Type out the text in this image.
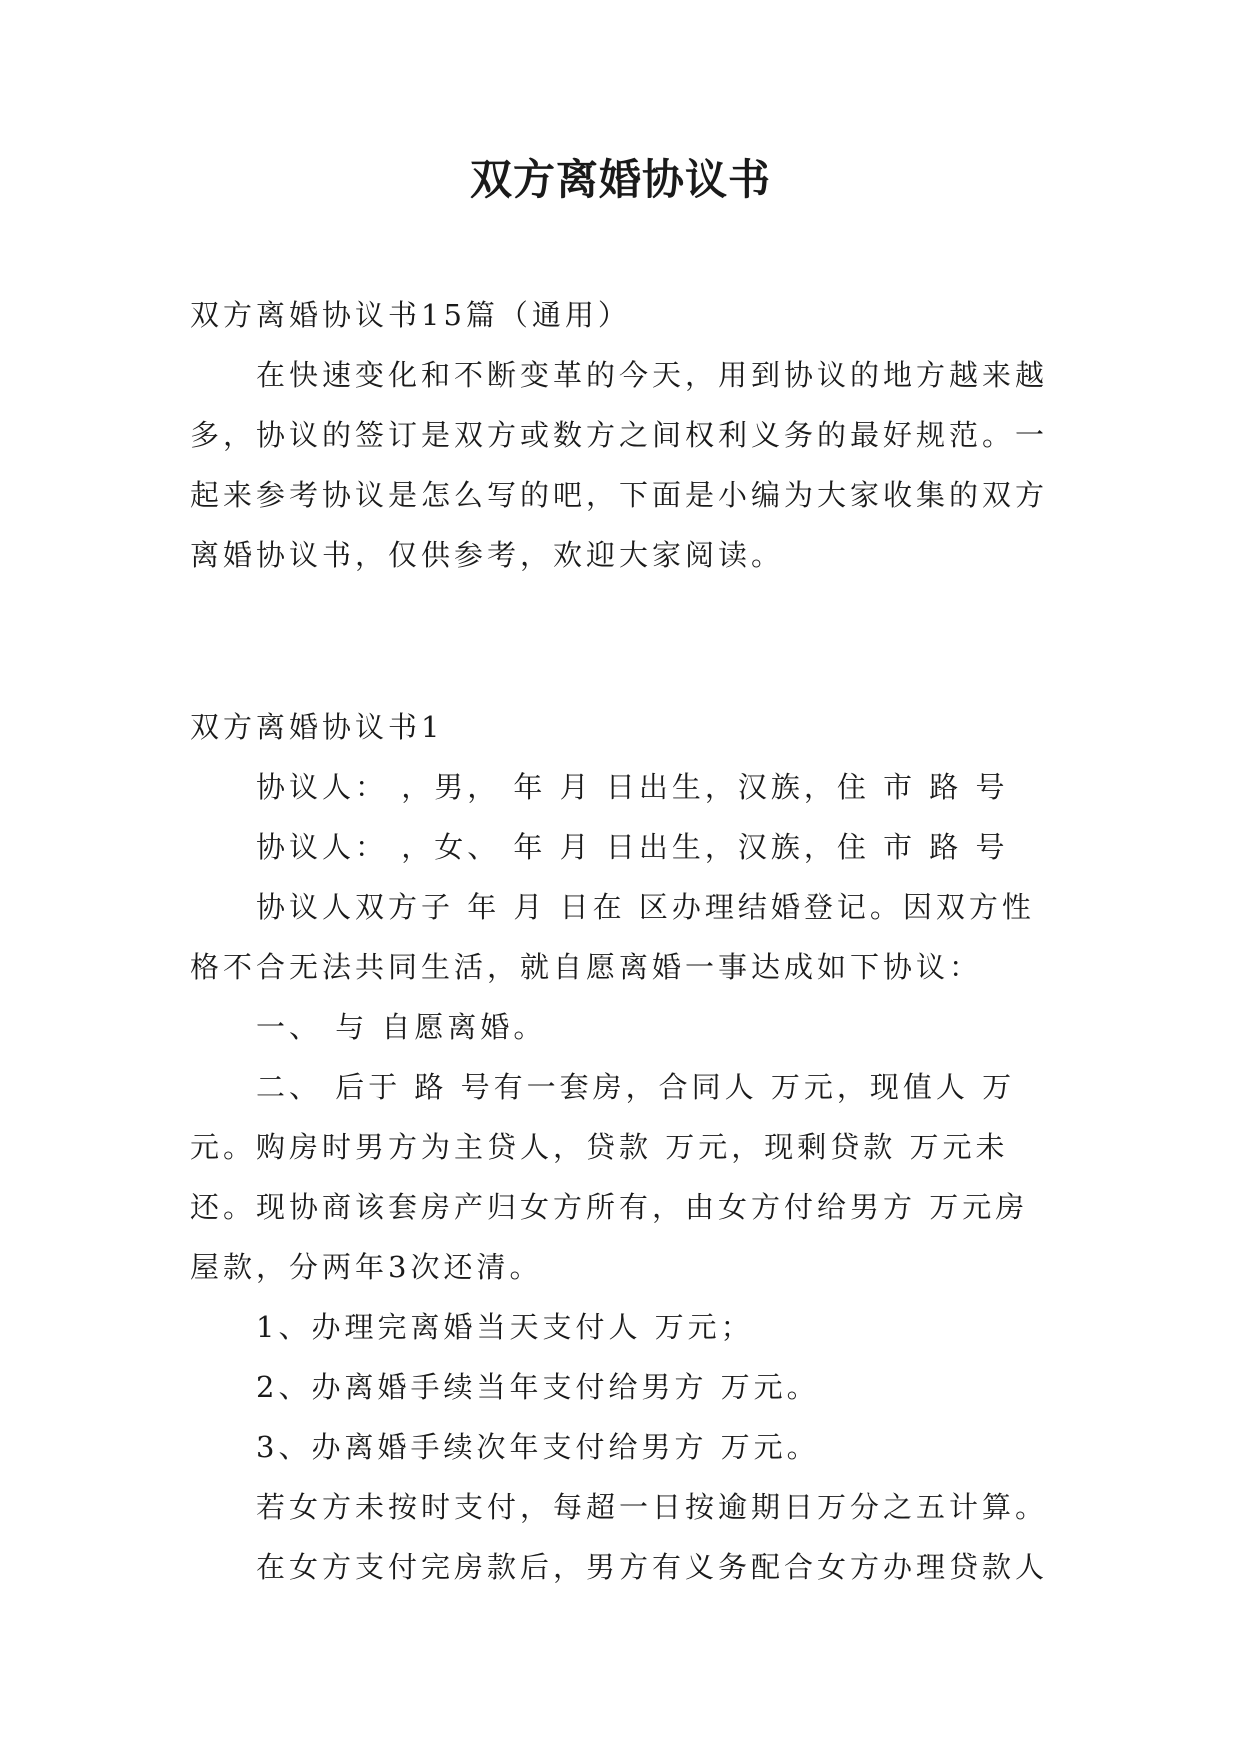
双方离婚协议书

双方离婚协议书15篇（通用）

在快速变化和不断变革的今天，用到协议的地方越来越多，协议的签订是双方或数方之间权利义务的最好规范。一起来参考协议是怎么写的吧，下面是小编为大家收集的双方离婚协议书，仅供参考，欢迎大家阅读。

双方离婚协议书1

协议人： ，男， 年 月 日出生，汉族，住 市 路 号

协议人： ，女、 年 月 日出生，汉族，住 市 路 号

协议人双方子 年 月 日在 区办理结婚登记。因双方性格不合无法共同生活，就自愿离婚一事达成如下协议：

一、 与 自愿离婚。

二、 后于 路 号有一套房，合同人 万元，现值人 万元。购房时男方为主贷人，贷款 万元，现剩贷款 万元未还。现协商该套房产归女方所有，由女方付给男方 万元房屋款，分两年3次还清。

1、办理完离婚当天支付人 万元；

2、办离婚手续当年支付给男方 万元。

3、办离婚手续次年支付给男方 万元。

若女方未按时支付，每超一日按逾期日万分之五计算。

在女方支付完房款后，男方有义务配合女方办理贷款人
